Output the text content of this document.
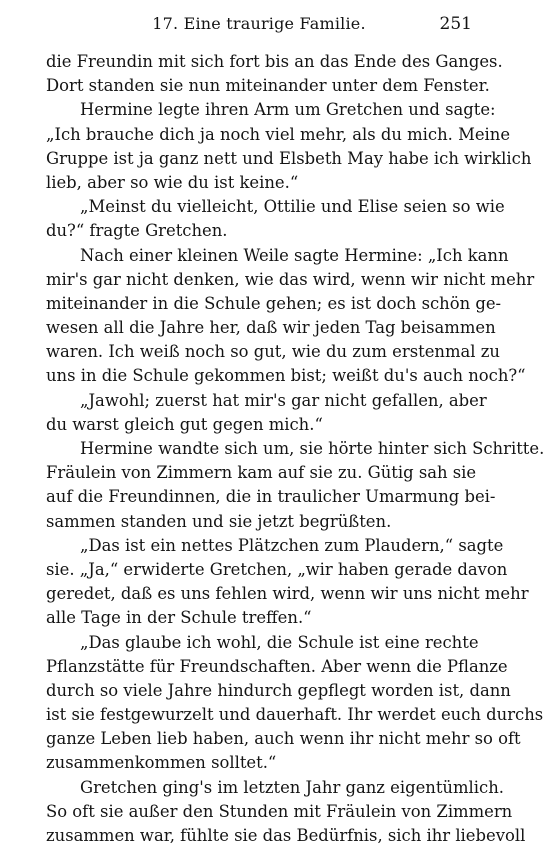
17. Eine traurige Familie.	251
die Freundin mit sich fort bis an das Ende des Ganges.
Dort standen sie nun miteinander unter dem Fenster.
Hermine legte ihren Arm um Gretchen und sagte:
„Ich brauche dich ja noch viel mehr, als du mich. Meine
Gruppe ist ja ganz nett und Elsbeth May habe ich wirklich
lieb, aber so wie du ist keine.“
„Meinst du vielleicht, Ottilie und Elise seien so wie
du?“ fragte Gretchen.
Nach einer kleinen Weile sagte Hermine: „Ich kann
mir's gar nicht denken, wie das wird, wenn wir nicht mehr
miteinander in die Schule gehen; es ist doch schön ge-
wesen all die Jahre her, daß wir jeden Tag beisammen
waren. Ich weiß noch so gut, wie du zum erstenmal zu
uns in die Schule gekommen bist; weißt du's auch noch?“
„Jawohl; zuerst hat mir's gar nicht gefallen, aber
du warst gleich gut gegen mich.“
Hermine wandte sich um, sie hörte hinter sich Schritte.
Fräulein von Zimmern kam auf sie zu. Gütig sah sie
auf die Freundinnen, die in traulicher Umarmung bei-
sammen standen und sie jetzt begrüßten.
„Das ist ein nettes Plätzchen zum Plaudern,“ sagte
sie. „Ja,“ erwiderte Gretchen, „wir haben gerade davon
geredet, daß es uns fehlen wird, wenn wir uns nicht mehr
alle Tage in der Schule treffen.“
„Das glaube ich wohl, die Schule ist eine rechte
Pflanzstätte für Freundschaften. Aber wenn die Pflanze
durch so viele Jahre hindurch gepflegt worden ist, dann
ist sie festgewurzelt und dauerhaft. Ihr werdet euch durchs
ganze Leben lieb haben, auch wenn ihr nicht mehr so oft
zusammenkommen solltet.“
Gretchen ging's im letzten Jahr ganz eigentümlich.
So oft sie außer den Stunden mit Fräulein von Zimmern
zusammen war, fühlte sie das Bedürfnis, sich ihr liebevoll
